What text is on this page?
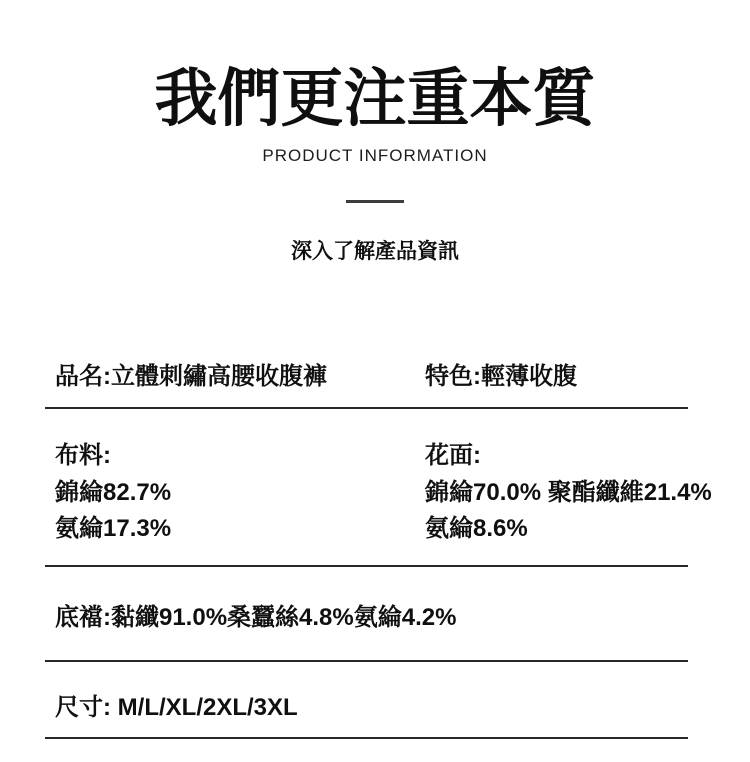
我們更注重本質
PRODUCT INFORMATION
深入了解產品資訊
品名:立體刺繡高腰收腹褲	特色:輕薄收腹
布料:
錦綸82.7%
氨綸17.3%
花面:
錦綸70.0% 聚酯纖維21.4%
氨綸8.6%
底襠:黏纖91.0%桑蠶絲4.8%氨綸4.2%
尺寸: M/L/XL/2XL/3XL
